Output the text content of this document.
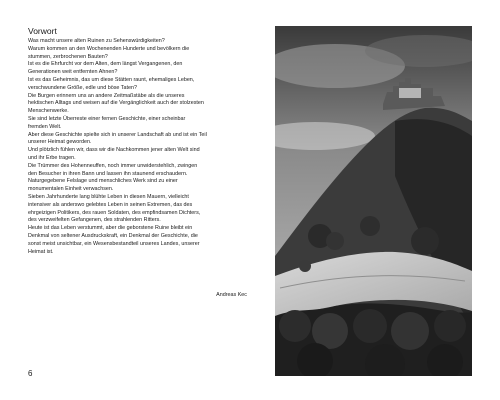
Vorwort

Was macht unsere alten Ruinen zu Sehenswürdigkeiten?

Warum kommen an den Wochenenden Hunderte und bevölkern die

stummen, zerbrochenen Bauten?

Ist es die Ehrfurcht vor dem Alten, dem längst Vergangenen, den

Generationen weit entfernten Ahnen?

Ist es das Geheimnis, das um diese Stätten raunt, ehemaliges Leben,

verschwundene Größe, edle und böse Taten?

Die Burgen erinnern uns an andere Zeitmaßstäbe als die unseres

hektischen Alltags und weisen auf die Vergänglichkeit auch der stolzesten

Menschenwerke.

Sie sind letzte Überreste einer fernen Geschichte, einer scheinbar

fremden Welt.

Aber diese Geschichte spielte sich in unserer Landschaft ab und ist ein Teil

unserer Heimat geworden.

Und plötzlich fühlen wir, dass wir die Nachkommen jener alten Welt sind

und ihr Erbe tragen.

Die Trümmer des Hohenneuffen, noch immer unwiderstehlich, zwingen

den Besucher in ihren Bann und lassen ihn staunend erschaudern.

Naturgegebene Felslage und menschliches Werk sind zu einer

monumentalen Einheit verwachsen.

Sieben Jahrhunderte lang blühte Leben in diesen Mauern, vielleicht

intensiver als anderswo gelebtes Leben in seinen Extremen, das des

ehrgeizigen Politikers, des rauen Soldaten, des empfindsamen Dichters,

des verzweifelten Gefangenen, des strahlenden Ritters.

Heute ist das Leben verstummt, aber die geborstene Ruine bleibt ein

Denkmal von seltener Ausdruckskraft, ein Denkmal der Geschichte, die

sonst meist unsichtbar, ein Wesensbestandteil unseres Landes, unserer

Heimat ist.

Andreas Kec
6
